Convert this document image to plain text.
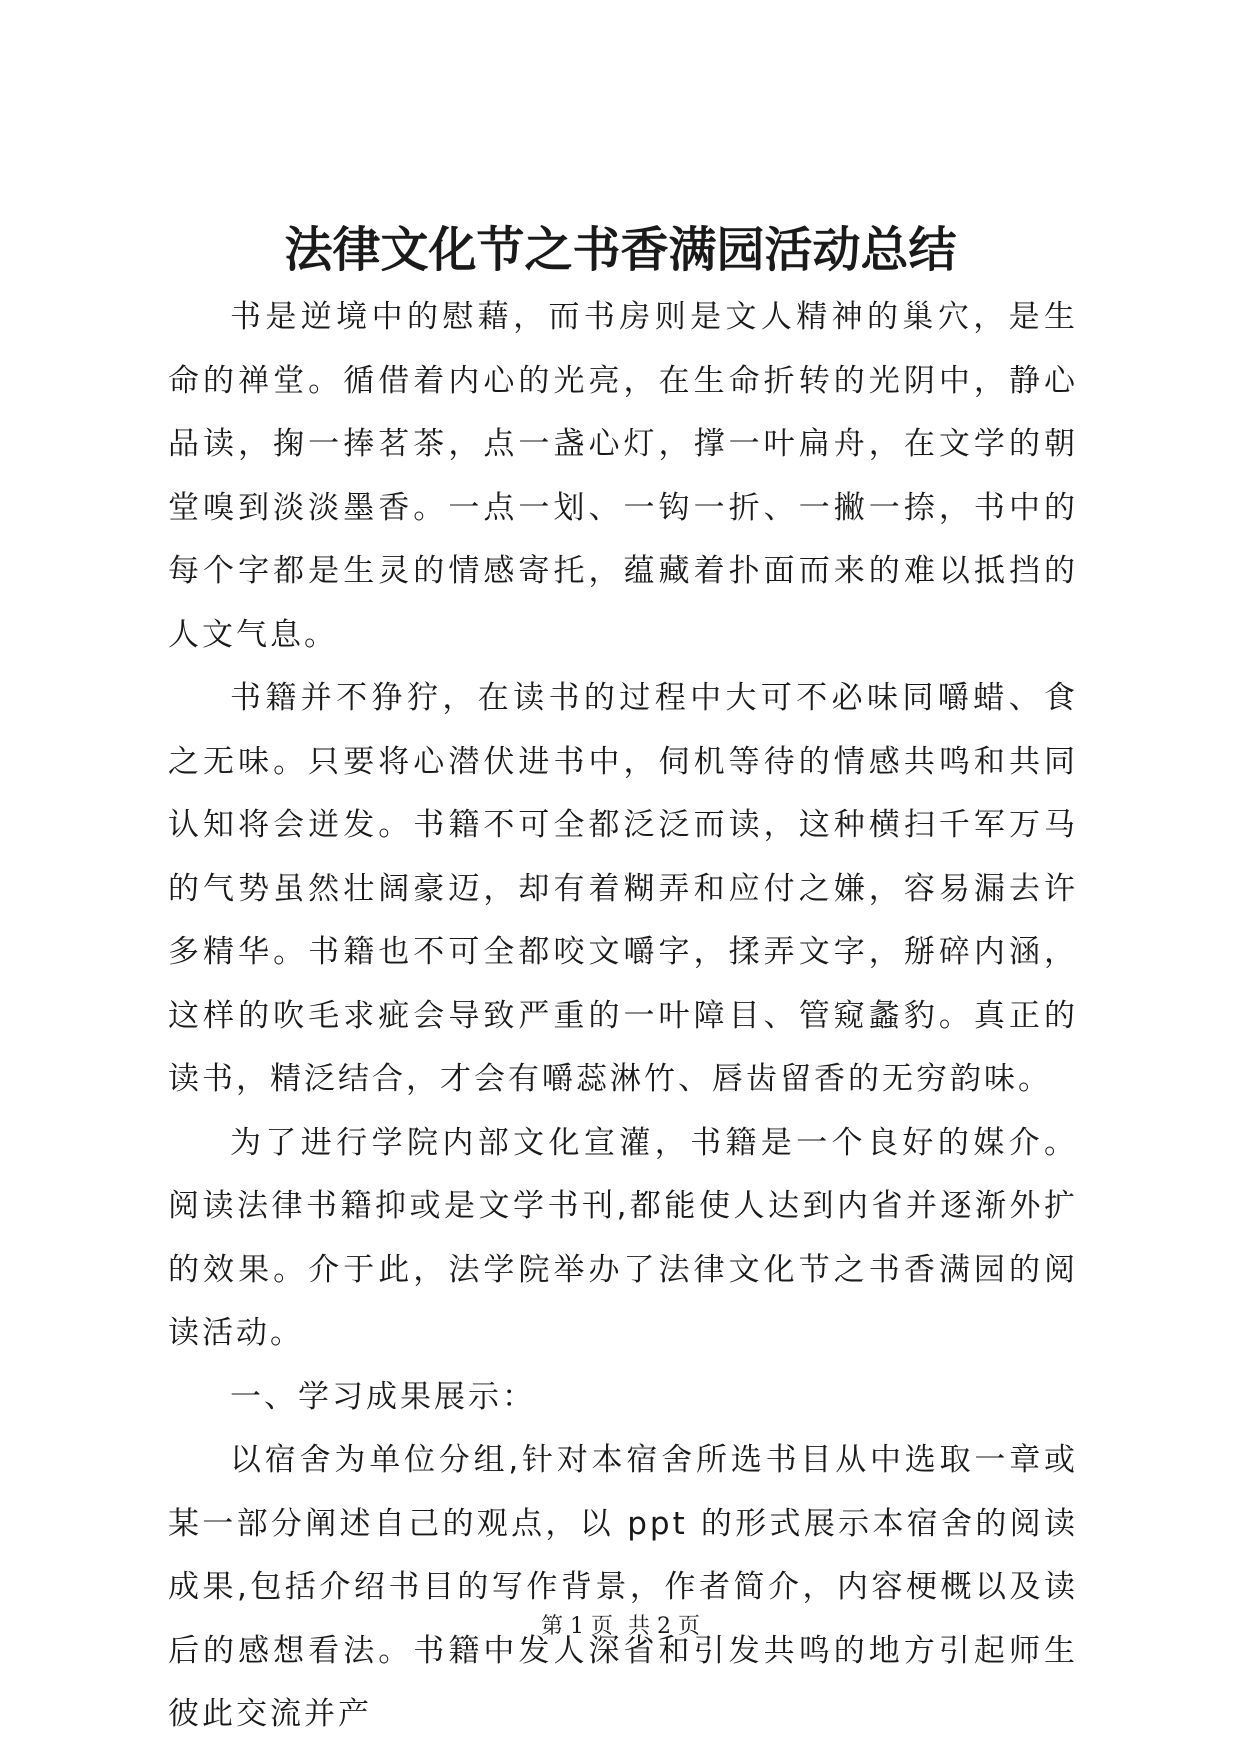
法律文化节之书香满园活动总结

书是逆境中的慰藉，而书房则是文人精神的巢穴，是生命的禅堂。循借着内心的光亮，在生命折转的光阴中，静心品读，掬一捧茗茶，点一盏心灯，撑一叶扁舟，在文学的朝堂嗅到淡淡墨香。一点一划、一钩一折、一撇一捺，书中的每个字都是生灵的情感寄托，蕴藏着扑面而来的难以抵挡的人文气息。

书籍并不狰狞，在读书的过程中大可不必味同嚼蜡、食之无味。只要将心潜伏进书中，伺机等待的情感共鸣和共同认知将会迸发。书籍不可全都泛泛而读，这种横扫千军万马的气势虽然壮阔豪迈，却有着糊弄和应付之嫌，容易漏去许多精华。书籍也不可全都咬文嚼字，揉弄文字，掰碎内涵，这样的吹毛求疵会导致严重的一叶障目、管窥蠡豹。真正的读书，精泛结合，才会有嚼蕊淋竹、唇齿留香的无穷韵味。

为了进行学院内部文化宣灌，书籍是一个良好的媒介。阅读法律书籍抑或是文学书刊,都能使人达到内省并逐渐外扩的效果。介于此，法学院举办了法律文化节之书香满园的阅读活动。

一、学习成果展示：

以宿舍为单位分组,针对本宿舍所选书目从中选取一章或某一部分阐述自己的观点，以 ppt 的形式展示本宿舍的阅读成果,包括介绍书目的写作背景，作者简介，内容梗概以及读后的感想看法。书籍中发人深省和引发共鸣的地方引起师生彼此交流并产

第 1 页 共 2 页
